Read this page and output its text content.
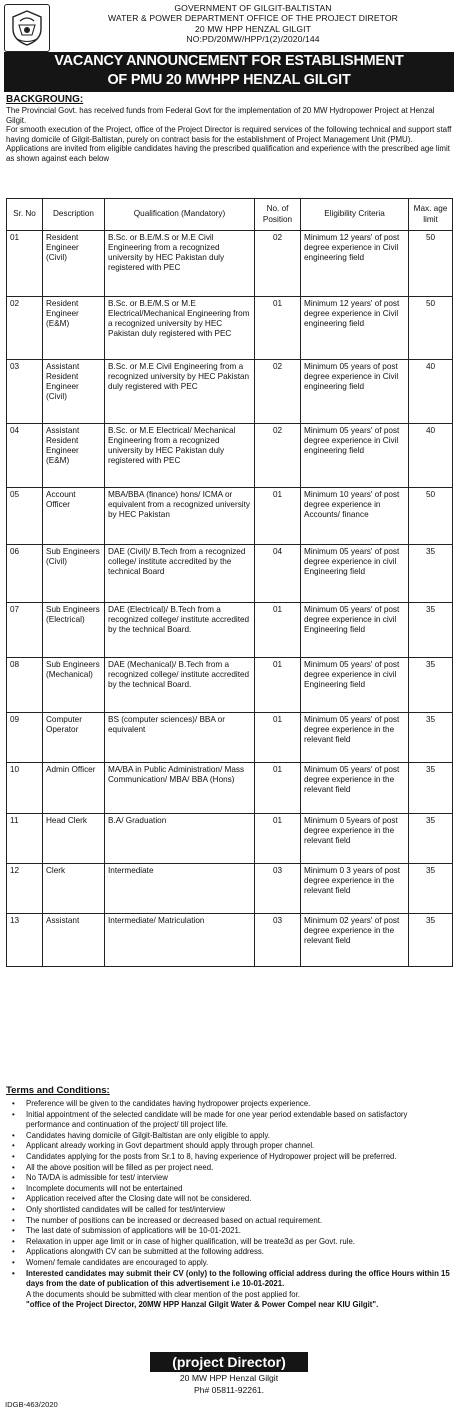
GOVERNMENT OF GILGIT-BALTISTAN
WATER & POWER DEPARTMENT OFFICE OF THE PROJECT DIRETOR
20 MW HPP HENZAL GILGIT
NO:PD/20MW/HPP/1(2)/2020/144
VACANCY ANNOUNCEMENT FOR ESTABLISHMENT
OF PMU 20 MWHPP HENZAL GILGIT
BACKGROUNG:

The Provincial Govt. has received funds from Federal Govt for the implementation of 20 MW Hydropower Project at Henzal Gilgit.

For smooth execution of the Project, office of the Project Director is required services of the following technical and support staff having domicile of Gilgit-Baltistan, purely on contract basis for the establishment of Project Management Unit (PMU).

Applications are invited from eligible candidates having the prescribed qualification and experience with the prescribed age limit as shown against each below

Sr. No	Description	Qualification (Mandatory)	No. of Position	Eligibility Criteria	Max. age limit
01	Resident Engineer (Civil)	B.Sc. or B.E/M.S or M.E Civil Engineering from a recognized university by HEC Pakistan duly registered with PEC	02	Minimum 12 years' of post degree experience in Civil engineering field	50
02	Resident Engineer (E&M)	B.Sc. or B.E/M.S or M.E Electrical/Mechanical Engineering from a recognized university by HEC Pakistan duly registered with PEC	01	Minimum 12 years' of post degree experience in Civil engineering field	50
03	Assistant Resident Engineer (Civil)	B.Sc. or M.E Civil Engineering from a recognized university by HEC Pakistan duly registered with PEC	02	Minimum 05 years of post degree experience in Civil engineering field	40
04	Assistant Resident Engineer (E&M)	B.Sc. or M.E Electrical/ Mechanical Engineering from a recognized university by HEC Pakistan duly registered with PEC	02	Minimum 05 years' of post degree experience in Civil engineering field	40
05	Account Officer	MBA/BBA (finance) hons/ ICMA or equivalent from a recognized university by HEC Pakistan	01	Minimum 10 years' of post degree experience in Accounts/ finance	50
06	Sub Engineers (Civil)	DAE (Civil)/ B.Tech from a recognized college/ institute accredited by the technical Board	04	Minimum 05 years' of post degree experience in civil Engineering field	35
07	Sub Engineers (Electrical)	DAE (Electrical)/ B.Tech from a recognized college/ institute accredited by the technical Board.	01	Minimum 05 years' of post degree experience in civil Engineering field	35
08	Sub Engineers (Mechanical)	DAE (Mechanical)/ B.Tech from a recognized college/ institute accredited by the technical Board.	01	Minimum 05 years' of post degree experience in civil Engineering field	35
09	Computer Operator	BS (computer sciences)/ BBA or equivalent	01	Minimum 05 years' of post degree experience in the relevant field	35
10	Admin Officer	MA/BA in Public Administration/ Mass Communication/ MBA/ BBA (Hons)	01	Minimum 05 years' of post degree experience in the relevant field	35
11	Head Clerk	B.A/ Graduation	01	Minimum 0 5years of post degree experience in the relevant field	35
12	Clerk	Intermediate	03	Minimum 0 3 years of post degree experience in the relevant field	35
13	Assistant	Intermediate/ Matriculation	03	Minimum 02 years' of post degree experience in the relevant field	35
Terms and Conditions:
• Preference will be given to the candidates having hydropower projects experience.
• Initial appointment of the selected candidate will be made for one year period extendable based on satisfactory performance and continuation of the project/ till project life.
• Candidates having domicile of Gilgit-Baltistan are only eligible to apply.
• Applicant already working in Govt department should apply through proper channel.
• Candidates applying for the posts from Sr.1 to 8, having experience of Hydropower project will be preferred.
• All the above position will be filled as per project need.
• No TA/DA is admissible for test/ interview
• Incomplete documents will not be entertained
• Application received after the Closing date will not be considered.
• Only shortlisted candidates will be called for test/interview
• The number of positions can be increased or decreased based on actual requirement.
• The last date of submission of applications will be 10-01-2021.
• Relaxation in upper age limit or in case of higher qualification, will be treate3d as per Govt. rule.
• Applications alongwith CV can be submitted at the following address.
• Women/ female candidates are encouraged to apply.
• Interested candidates may submit their CV (only) to the following official address during the office Hours within 15 days from the date of publication of this advertisement i.e 10-01-2021.
A the documents should be submitted with clear mention of the post applied for.
"office of the Project Director, 20MW HPP Hanzal Gilgit Water & Power Compel near KIU Gilgit".
(project Director)
20 MW HPP Henzal Gilgit
Ph# 05811-92261.
IDGB-463/2020
